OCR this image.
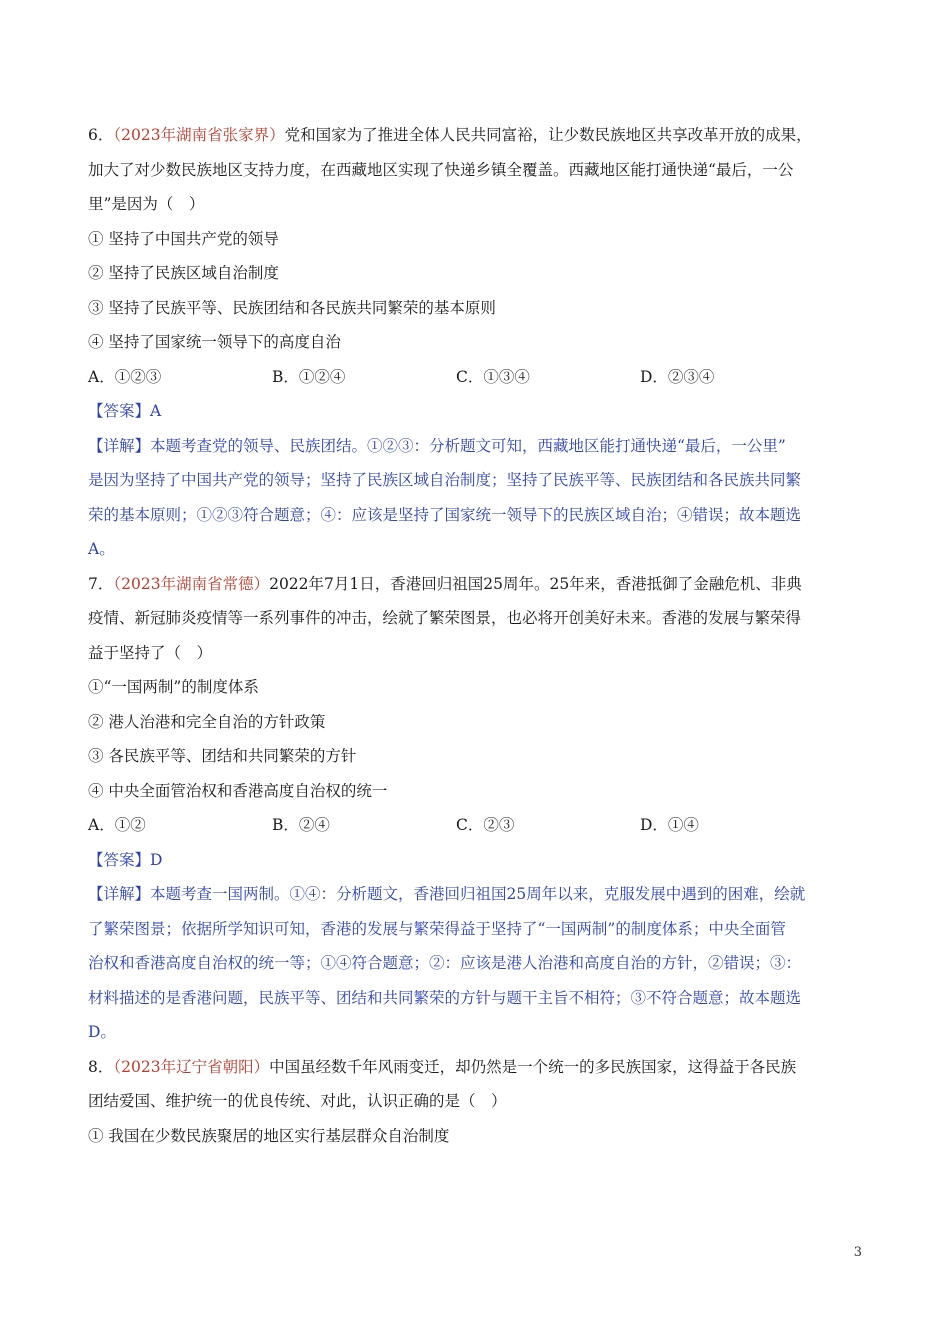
6．（2023年湖南省张家界）党和国家为了推进全体人民共同富裕，让少数民族地区共享改革开放的成果，
加大了对少数民族地区支持力度，在西藏地区实现了快递乡镇全覆盖。西藏地区能打通快递“最后，一公
里”是因为（　）
① 坚持了中国共产党的领导
② 坚持了民族区域自治制度
③ 坚持了民族平等、民族团结和各民族共同繁荣的基本原则
④ 坚持了国家统一领导下的高度自治
A．①②③	B．①②④	C．①③④	D．②③④
【答案】A
【详解】本题考查党的领导、民族团结。①②③：分析题文可知，西藏地区能打通快递“最后，一公里”
是因为坚持了中国共产党的领导；坚持了民族区域自治制度；坚持了民族平等、民族团结和各民族共同繁
荣的基本原则；①②③符合题意；④：应该是坚持了国家统一领导下的民族区域自治；④错误；故本题选
A。
7．（2023年湖南省常德）2022年7月1日，香港回归祖国25周年。25年来，香港抵御了金融危机、非典
疫情、新冠肺炎疫情等一系列事件的冲击，绘就了繁荣图景，也必将开创美好未来。香港的发展与繁荣得
益于坚持了（　）
①“一国两制”的制度体系
② 港人治港和完全自治的方针政策
③ 各民族平等、团结和共同繁荣的方针
④ 中央全面管治权和香港高度自治权的统一
A．①②	B．②④	C．②③	D．①④
【答案】D
【详解】本题考查一国两制。①④：分析题文，香港回归祖国25周年以来，克服发展中遇到的困难，绘就
了繁荣图景；依据所学知识可知，香港的发展与繁荣得益于坚持了“一国两制”的制度体系；中央全面管
治权和香港高度自治权的统一等；①④符合题意；②：应该是港人治港和高度自治的方针，②错误；③：
材料描述的是香港问题，民族平等、团结和共同繁荣的方针与题干主旨不相符；③不符合题意；故本题选
D。
8．（2023年辽宁省朝阳）中国虽经数千年风雨变迁，却仍然是一个统一的多民族国家，这得益于各民族
团结爱国、维护统一的优良传统、对此，认识正确的是（　）
① 我国在少数民族聚居的地区实行基层群众自治制度
3
